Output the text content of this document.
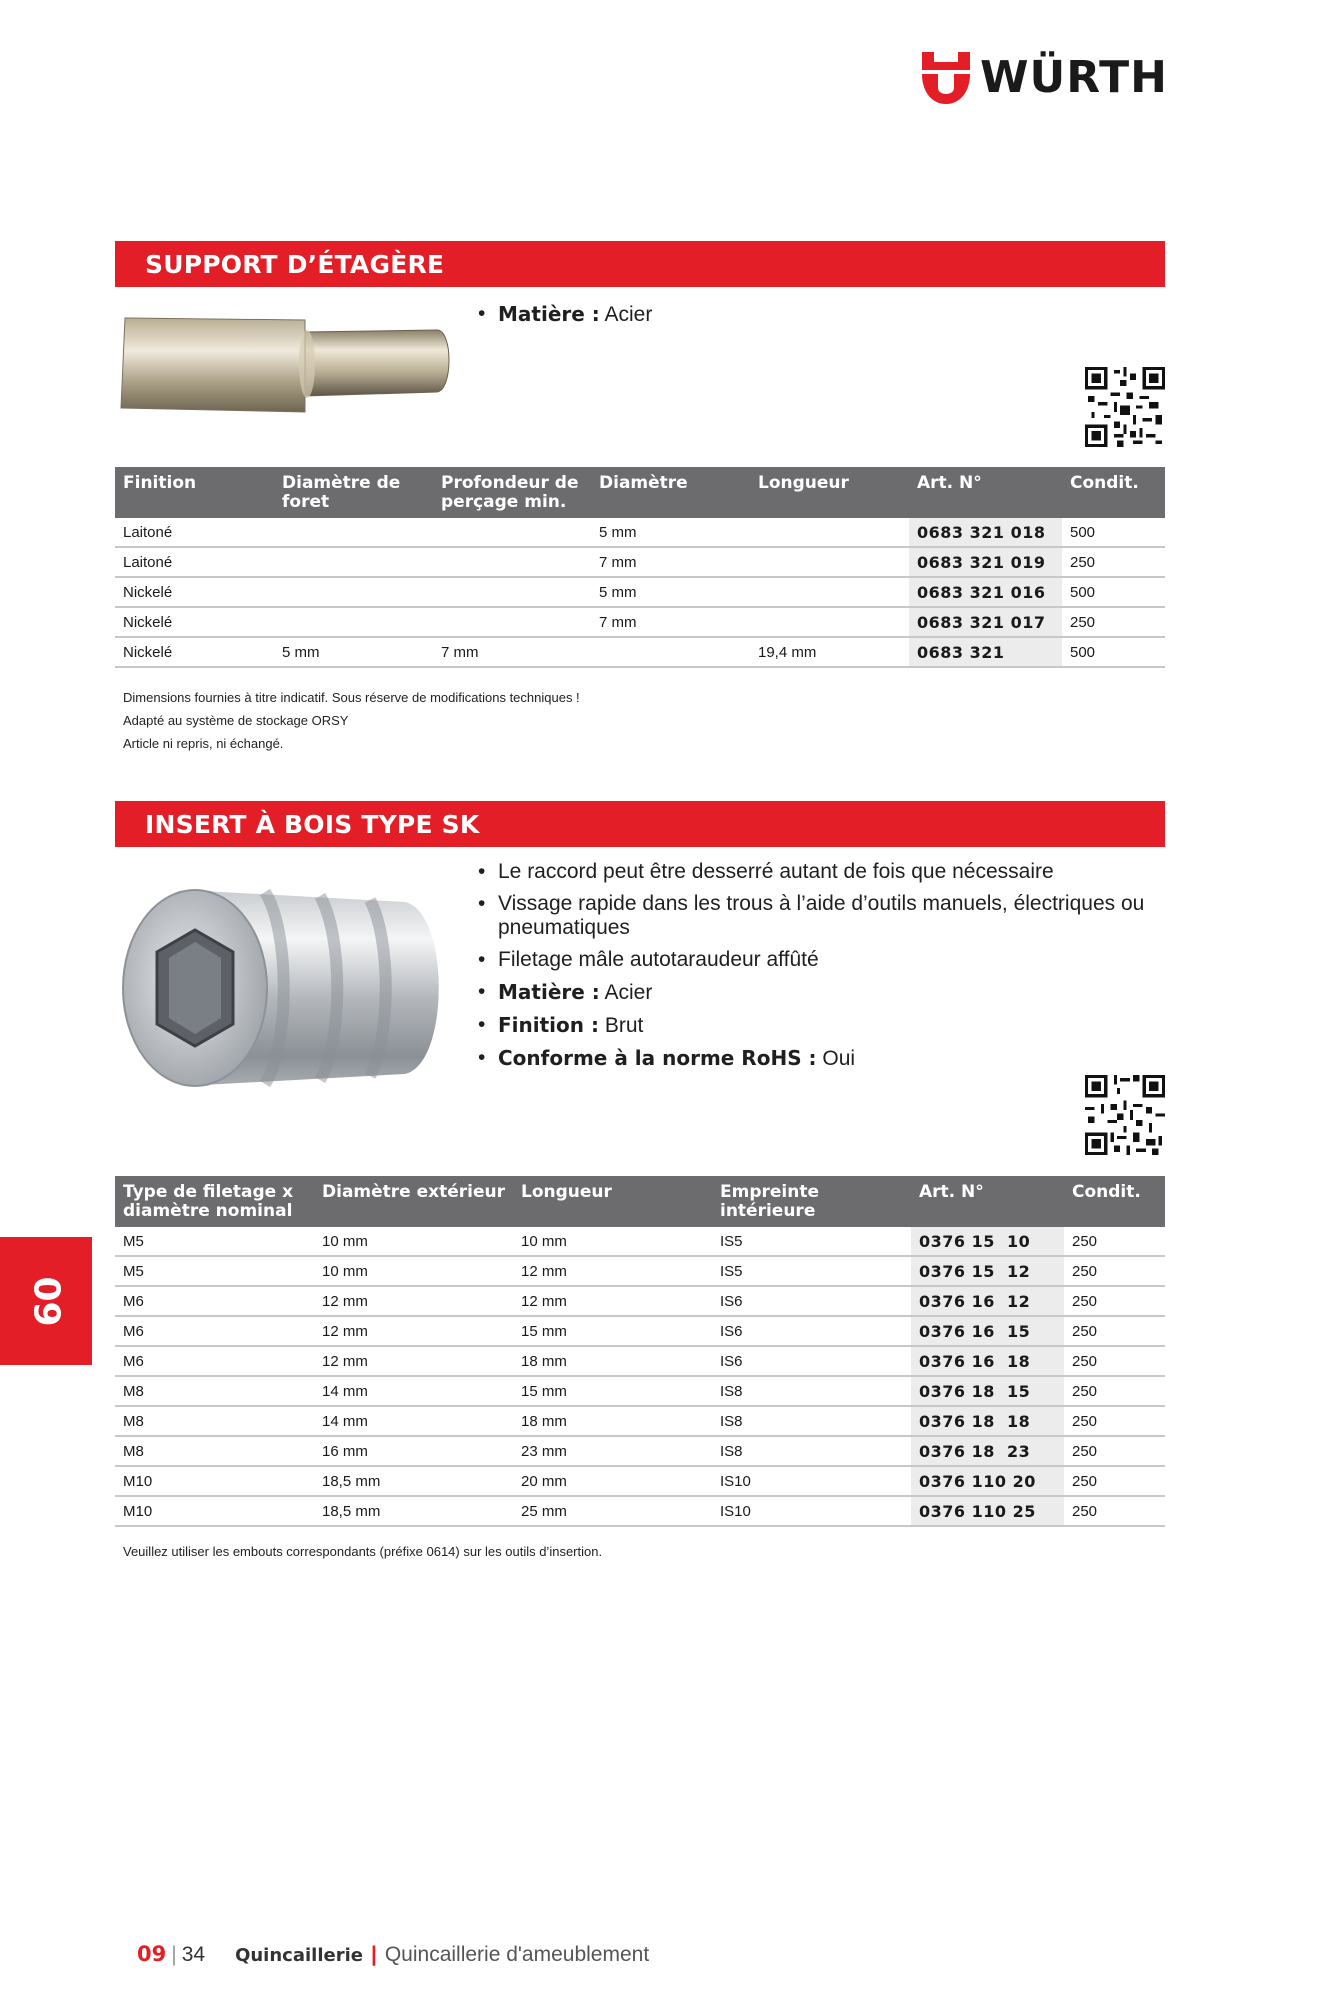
WÜRTH
SUPPORT D’ÉTAGÈRE
• Matière : Acier
Finition	Diamètre de foret	Profondeur de perçage min.	Diamètre	Longueur	Art. N°	Condit.
Laitoné			5 mm		0683 321 018	500
Laitoné			7 mm		0683 321 019	250
Nickelé			5 mm		0683 321 016	500
Nickelé			7 mm		0683 321 017	250
Nickelé	5 mm	7 mm		19,4 mm	0683 321	500
Dimensions fournies à titre indicatif. Sous réserve de modifications techniques !
Adapté au système de stockage ORSY
Article ni repris, ni échangé.
INSERT À BOIS TYPE SK
• Le raccord peut être desserré autant de fois que nécessaire
• Vissage rapide dans les trous à l’aide d’outils manuels, électriques ou pneumatiques
• Filetage mâle autotaraudeur affûté
• Matière : Acier
• Finition : Brut
• Conforme à la norme RoHS : Oui
Type de filetage x diamètre nominal	Diamètre extérieur	Longueur	Empreinte intérieure	Art. N°	Condit.
M5	10 mm	10 mm	IS5	0376 15  10	250
M5	10 mm	12 mm	IS5	0376 15  12	250
M6	12 mm	12 mm	IS6	0376 16  12	250
M6	12 mm	15 mm	IS6	0376 16  15	250
M6	12 mm	18 mm	IS6	0376 16  18	250
M8	14 mm	15 mm	IS8	0376 18  15	250
M8	14 mm	18 mm	IS8	0376 18  18	250
M8	16 mm	23 mm	IS8	0376 18  23	250
M10	18,5 mm	20 mm	IS10	0376 110 20	250
M10	18,5 mm	25 mm	IS10	0376 110 25	250
Veuillez utiliser les embouts correspondants (préfixe 0614) sur les outils d’insertion.
09
09 | 34 Quincaillerie | Quincaillerie d'ameublement
